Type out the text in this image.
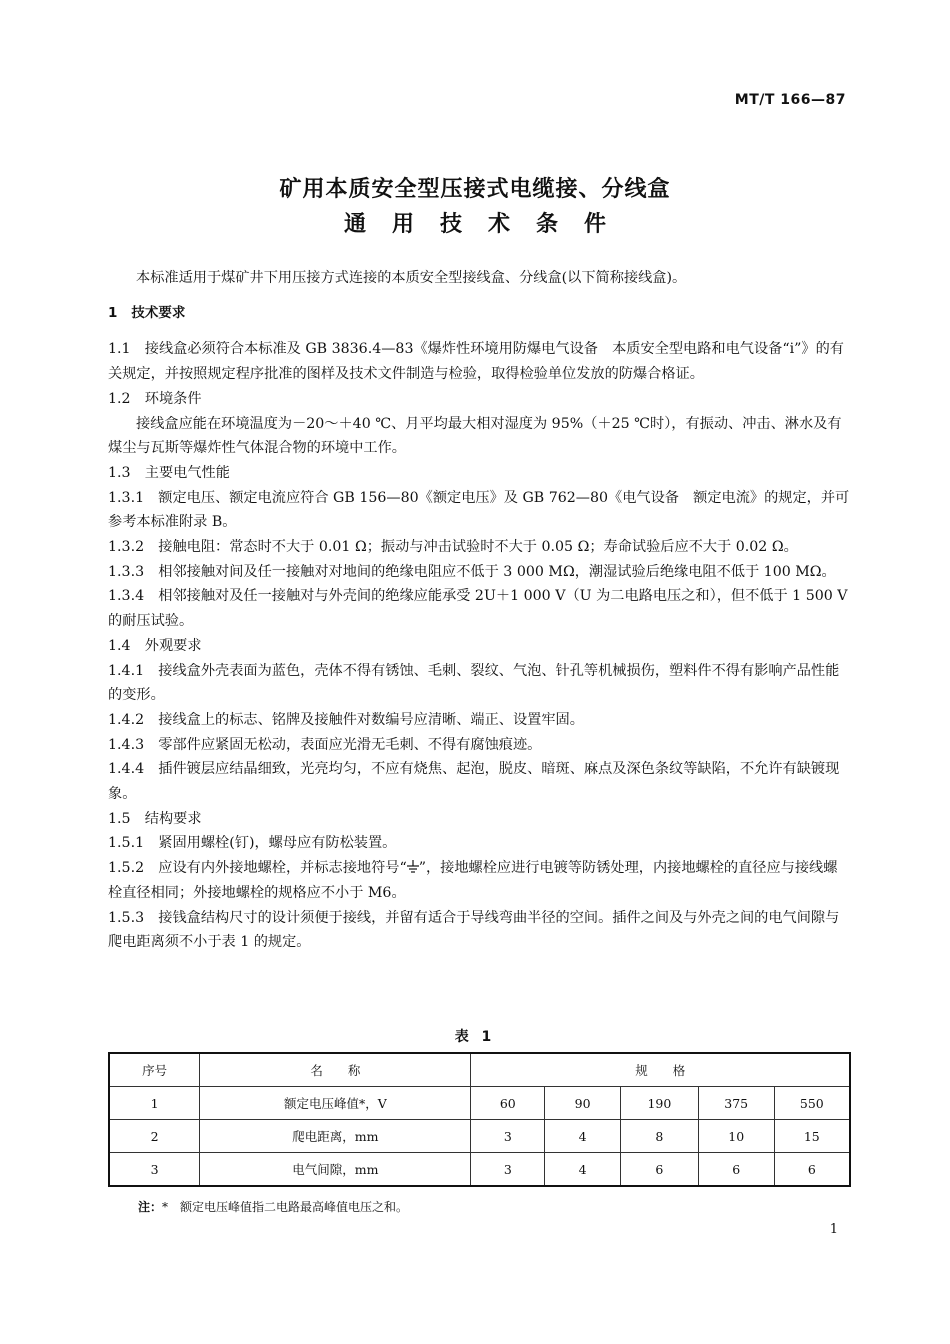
MT/T 166—87
矿用本质安全型压接式电缆接、分线盒
通用技术条件

本标准适用于煤矿井下用压接方式连接的本质安全型接线盒、分线盒(以下简称接线盒)。

1 技术要求

1.1　接线盒必须符合本标准及 GB 3836.4—83《爆炸性环境用防爆电气设备　本质安全型电路和电气设备“i”》的有关规定，并按照规定程序批准的图样及技术文件制造与检验，取得检验单位发放的防爆合格证。

1.2　环境条件

接线盒应能在环境温度为－20～＋40 ℃、月平均最大相对湿度为 95%（＋25 ℃时），有振动、冲击、淋水及有煤尘与瓦斯等爆炸性气体混合物的环境中工作。

1.3　主要电气性能

1.3.1　额定电压、额定电流应符合 GB 156—80《额定电压》及 GB 762—80《电气设备　额定电流》的规定，并可参考本标准附录 B。

1.3.2　接触电阻：常态时不大于 0.01 Ω；振动与冲击试验时不大于 0.05 Ω；寿命试验后应不大于 0.02 Ω。

1.3.3　相邻接触对间及任一接触对对地间的绝缘电阻应不低于 3 000 MΩ，潮湿试验后绝缘电阻不低于 100 MΩ。

1.3.4　相邻接触对及任一接触对与外壳间的绝缘应能承受 2U＋1 000 V（U 为二电路电压之和），但不低于 1 500 V 的耐压试验。

1.4　外观要求

1.4.1　接线盒外壳表面为蓝色，壳体不得有锈蚀、毛刺、裂纹、气泡、针孔等机械损伤，塑料件不得有影响产品性能的变形。

1.4.2　接线盒上的标志、铭牌及接触件对数编号应清晰、端正、设置牢固。

1.4.3　零部件应紧固无松动，表面应光滑无毛刺、不得有腐蚀痕迹。

1.4.4　插件镀层应结晶细致，光亮均匀，不应有烧焦、起泡，脱皮、暗斑、麻点及深色条纹等缺陷，不允许有缺镀现象。

1.5　结构要求

1.5.1　紧固用螺栓(钉)，螺母应有防松装置。

1.5.2　应设有内外接地螺栓，并标志接地符号“ ”，接地螺栓应进行电镀等防锈处理，内接地螺栓的直径应与接线螺栓直径相同；外接地螺栓的规格应不小于 M6。

1.5.3　接钱盒结构尺寸的设计须便于接线，并留有适合于导线弯曲半径的空间。插件之间及与外壳之间的电气间隙与爬电距离须不小于表 1 的规定。

表 1
序号	名　　称	规　　格				
1	额定电压峰值*，V	60	90	190	375	550
2	爬电距离，mm	3	4	8	10	15
3	电气间隙，mm	3	4	6	6	6
注：*　额定电压峰值指二电路最高峰值电压之和。
1
